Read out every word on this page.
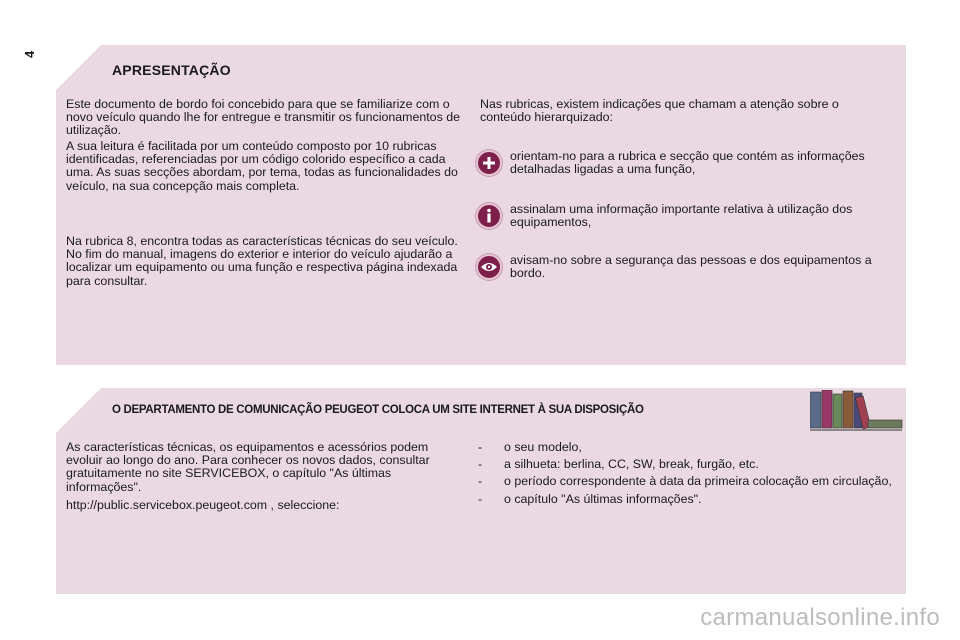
4
APRESENTAÇÃO

Este documento de bordo foi concebido para que se familiarize com o novo veículo quando lhe for entregue e transmitir os funcionamentos de utilização.

A sua leitura é facilitada por um conteúdo composto por 10 rubricas identificadas, referenciadas por um código colorido específico a cada uma. As suas secções abordam, por tema, todas as funcionalidades do veículo, na sua concepção mais completa.

Na rubrica 8, encontra todas as características técnicas do seu veículo. No fim do manual, imagens do exterior e interior do veículo ajudarão a localizar um equipamento ou uma função e respectiva página indexada para consultar.

Nas rubricas, existem indicações que chamam a atenção sobre o conteúdo hierarquizado:

orientam-no para a rubrica e secção que contém as informações detalhadas ligadas a uma função,

assinalam uma informação importante relativa à utilização dos equipamentos,

avisam-no sobre a segurança das pessoas e dos equipamentos a bordo.

O DEPARTAMENTO DE COMUNICAÇÃO PEUGEOT COLOCA UM SITE INTERNET À SUA DISPOSIÇÃO

As características técnicas, os equipamentos e acessórios podem evoluir ao longo do ano. Para conhecer os novos dados, consultar gratuitamente no site SERVICEBOX, o capítulo "As últimas informações".

http://public.servicebox.peugeot.com , seleccione:

- o seu modelo,
- a silhueta: berlina, CC, SW, break, furgão, etc.
- o período correspondente à data da primeira colocação em circulação,
- o capítulo "As últimas informações".
carmanualsonline.info
